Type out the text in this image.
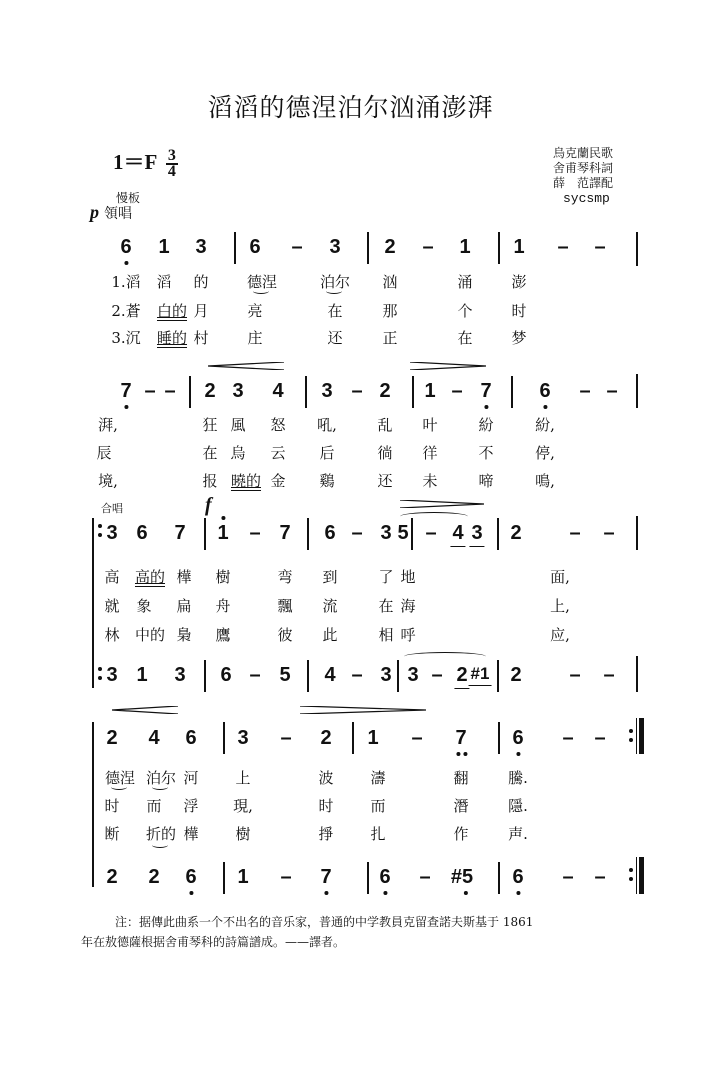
滔滔的德涅泊尔汹涌澎湃
$1=F \frac{3}{4}$
慢板
p 領唱
烏克蘭民歌
舍甫琴科詞
薛　范譯配
sycsmp
6 1 3 6 – 3 2 – 1 1 – –
1.滔 滔 的	德涅	泊尔 汹	涌	澎
2.蒼 白的 月	亮	在	那	个	时
3.沉 睡的 村	庄	还	正	在	梦
7 – – 2 3 4 3 – 2 1 – 7 6 – –
湃,	狂 風 怒 吼,	乱 叶	紛	紛,
辰	在 烏 云 后	徜 徉	不	停,
境,	报 曉的 金 鷄	还 未	啼	鳴,
合唱	f
3 6 7 1 – 7 6 – 3 5 – 4 3 2 – –
高 高的 樺 樹	弯 到	了 地	面,
就 象 扁 舟	飄 流	在 海	上,
林 中的 梟 鷹	彼 此	相 呼	应,
3 1 3 6 – 5 4 – 3 3 – 2 #1 2 – –
2 4 6 3 – 2 1 – 7 6 – –
德涅 泊尔 河 上	波 濤	翻	騰.
时 而 浮 現,	时 而	潛	隱.
断 折的 樺 樹	掙 扎	作	声.
2 2 6 1 – 7 6 – #5 6 – –
注：据傳此曲系一个不出名的音乐家，普通的中学教員克留查諾夫斯基于 1861
年在敖德薩根据舍甫琴科的詩篇譜成。——譯者。
